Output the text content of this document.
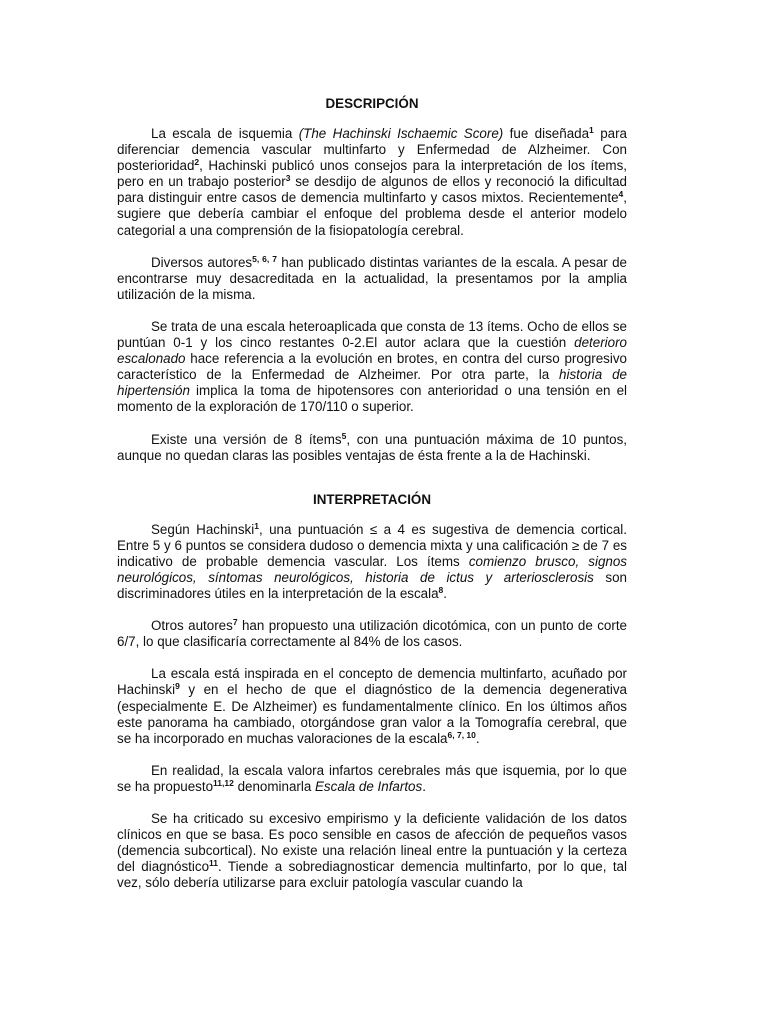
DESCRIPCIÓN

La escala de isquemia (The Hachinski Ischaemic Score) fue diseñada$^1$ para diferenciar demencia vascular multinfarto y Enfermedad de Alzheimer. Con posterioridad$^2$, Hachinski publicó unos consejos para la interpretación de los ítems, pero en un trabajo posterior$^3$ se desdijo de algunos de ellos y reconoció la dificultad para distinguir entre casos de demencia multinfarto y casos mixtos. Recientemente$^4$, sugiere que debería cambiar el enfoque del problema desde el anterior modelo categorial a una comprensión de la fisiopatología cerebral.

Diversos autores$^{5, 6, 7}$ han publicado distintas variantes de la escala. A pesar de encontrarse muy desacreditada en la actualidad, la presentamos por la amplia utilización de la misma.

Se trata de una escala heteroaplicada que consta de 13 ítems. Ocho de ellos se puntúan 0-1 y los cinco restantes 0-2.El autor aclara que la cuestión deterioro escalonado hace referencia a la evolución en brotes, en contra del curso progresivo característico de la Enfermedad de Alzheimer. Por otra parte, la historia de hipertensión implica la toma de hipotensores con anterioridad o una tensión en el momento de la exploración de 170/110 o superior.

Existe una versión de 8 ítems$^5$, con una puntuación máxima de 10 puntos, aunque no quedan claras las posibles ventajas de ésta frente a la de Hachinski.

INTERPRETACIÓN

Según Hachinski$^1$, una puntuación ≤ a 4 es sugestiva de demencia cortical. Entre 5 y 6 puntos se considera dudoso o demencia mixta y una calificación ≥ de 7 es indicativo de probable demencia vascular. Los ítems comienzo brusco, signos neurológicos, síntomas neurológicos, historia de ictus y arteriosclerosis son discriminadores útiles en la interpretación de la escala$^8$.

Otros autores$^7$ han propuesto una utilización dicotómica, con un punto de corte 6/7, lo que clasificaría correctamente al 84% de los casos.

La escala está inspirada en el concepto de demencia multinfarto, acuñado por Hachinski$^9$ y en el hecho de que el diagnóstico de la demencia degenerativa (especialmente E. De Alzheimer) es fundamentalmente clínico. En los últimos años este panorama ha cambiado, otorgándose gran valor a la Tomografía cerebral, que se ha incorporado en muchas valoraciones de la escala$^{6, 7, 10}$.

En realidad, la escala valora infartos cerebrales más que isquemia, por lo que se ha propuesto$^{11,12}$ denominarla Escala de Infartos.

Se ha criticado su excesivo empirismo y la deficiente validación de los datos clínicos en que se basa. Es poco sensible en casos de afección de pequeños vasos (demencia subcortical). No existe una relación lineal entre la puntuación y la certeza del diagnóstico$^{11}$. Tiende a sobrediagnosticar demencia multinfarto, por lo que, tal vez, sólo debería utilizarse para excluir patología vascular cuando la
